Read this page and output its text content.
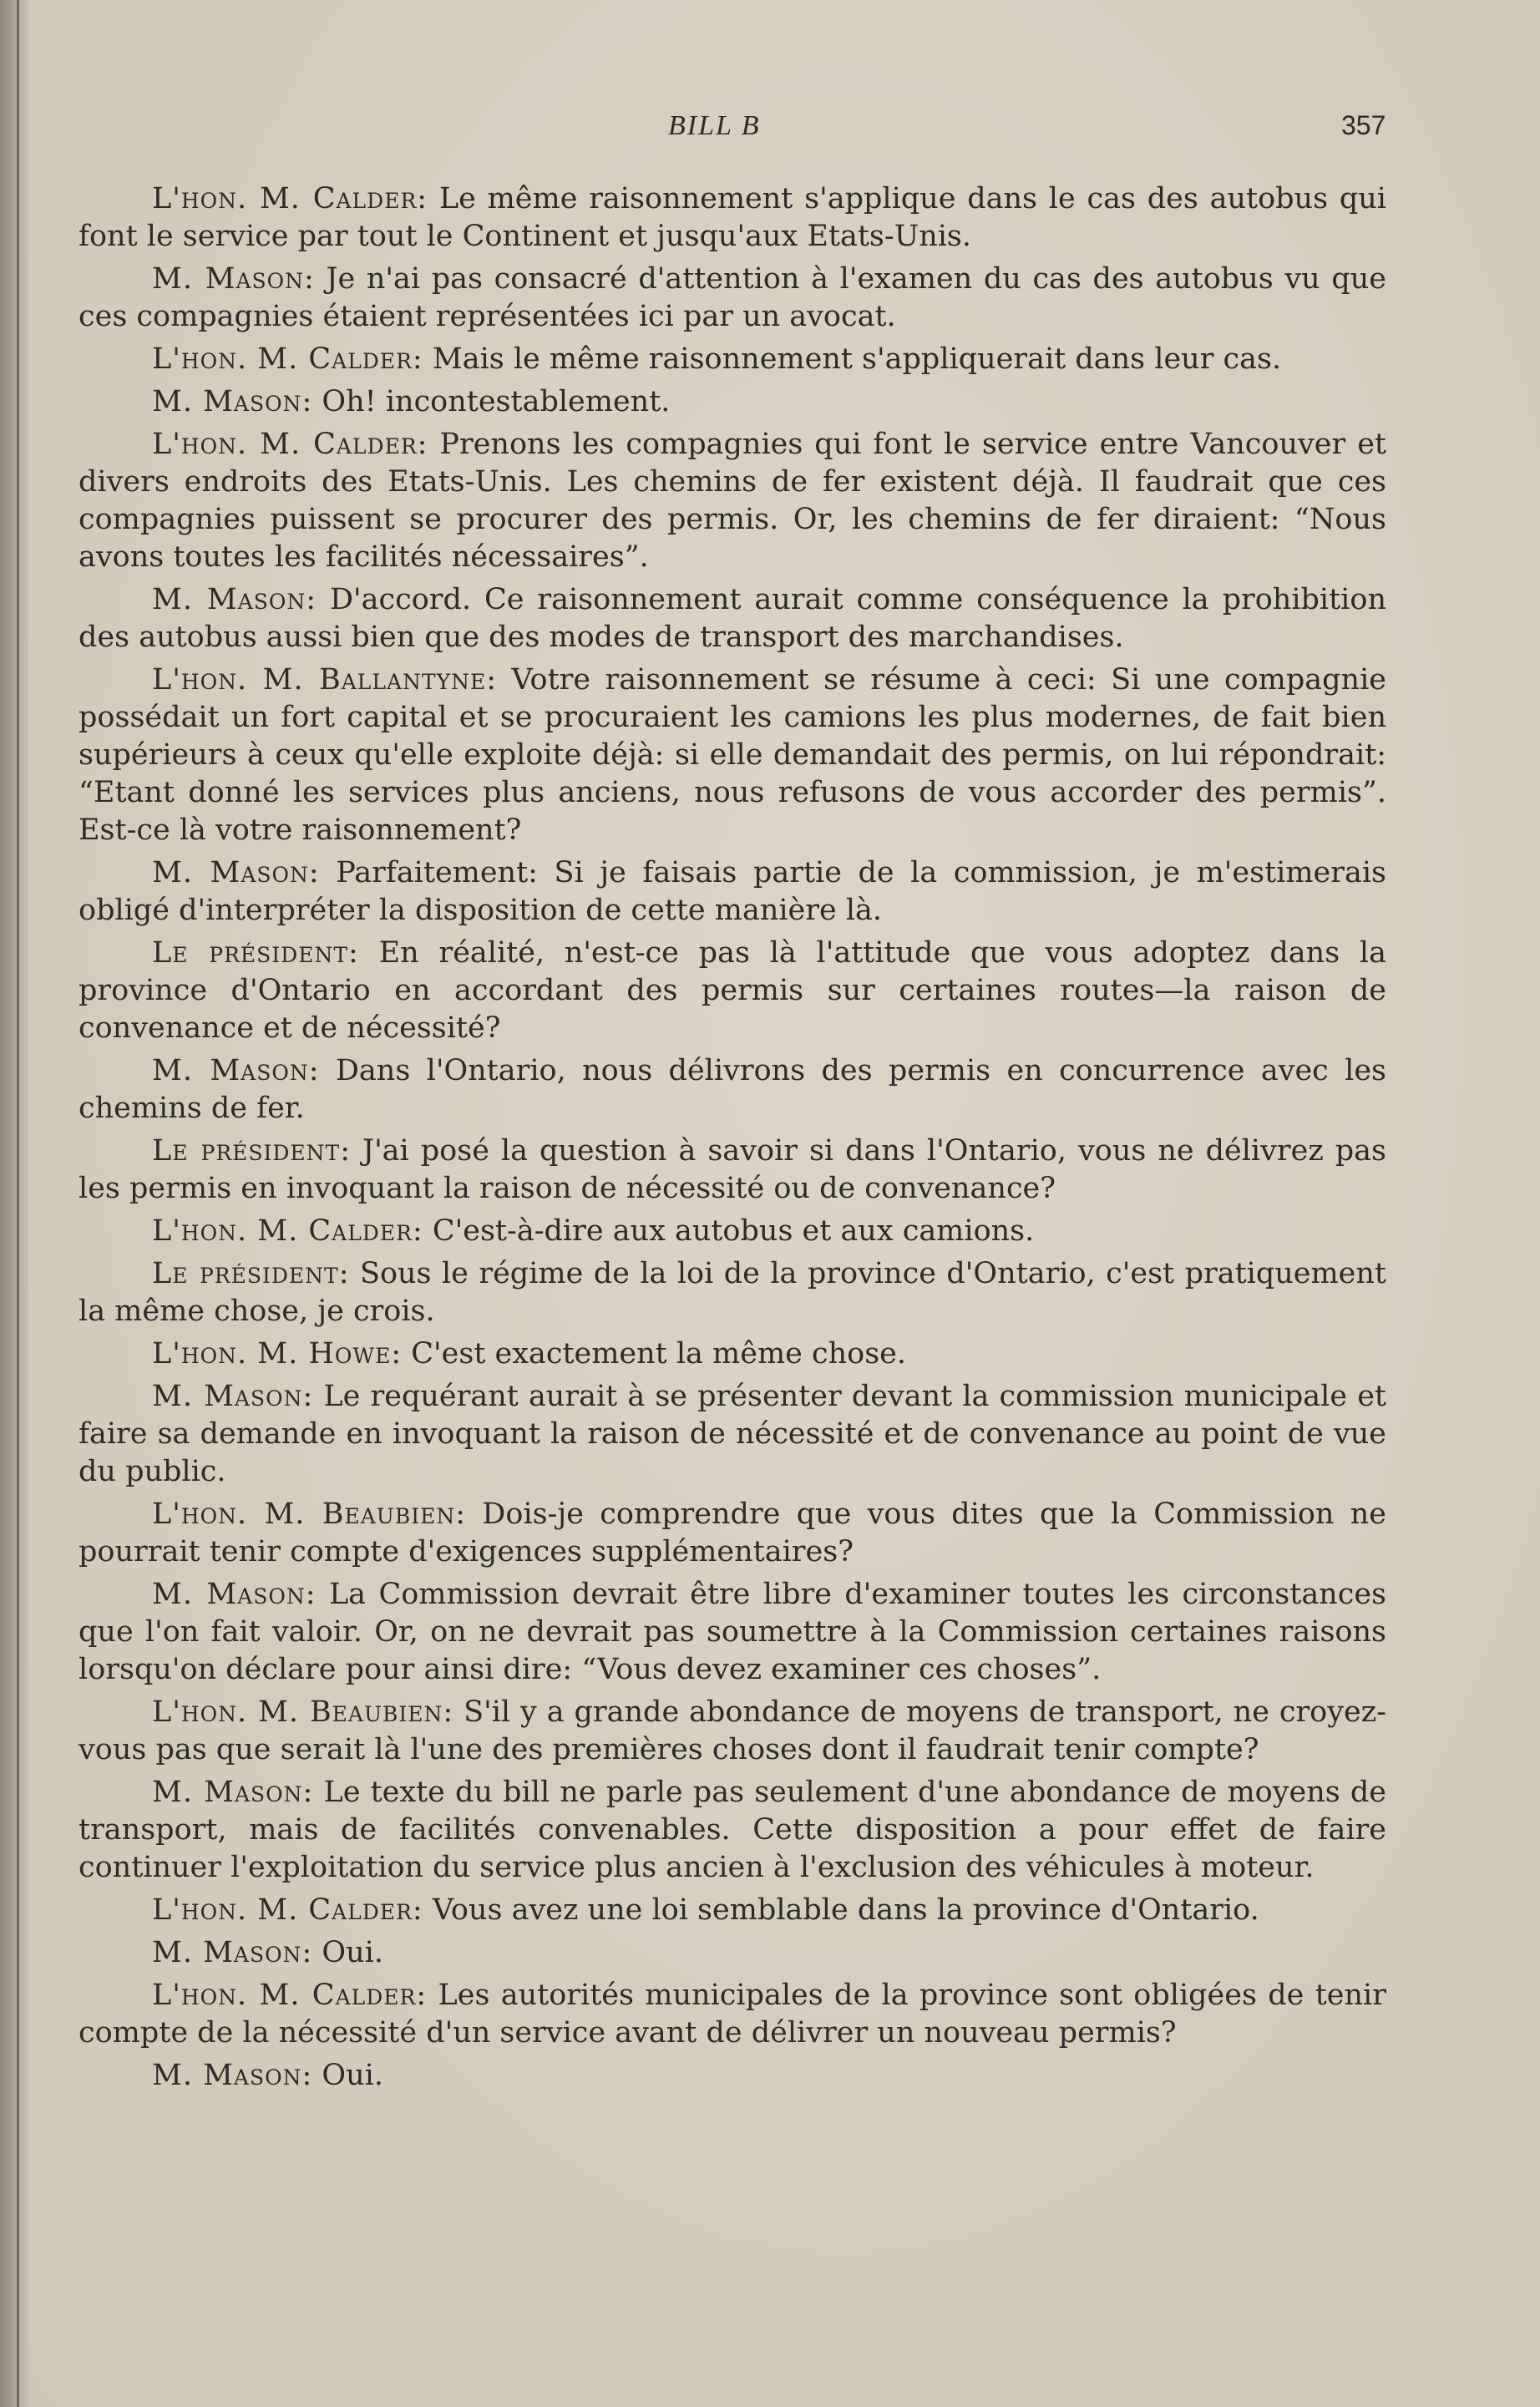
BILL B	357

L'hon. M. Calder: Le même raisonnement s'applique dans le cas des autobus qui font le service par tout le Continent et jusqu'aux Etats-Unis.

M. Mason: Je n'ai pas consacré d'attention à l'examen du cas des autobus vu que ces compagnies étaient représentées ici par un avocat.

L'hon. M. Calder: Mais le même raisonnement s'appliquerait dans leur cas.

M. Mason: Oh! incontestablement.

L'hon. M. Calder: Prenons les compagnies qui font le service entre Vancouver et divers endroits des Etats-Unis. Les chemins de fer existent déjà. Il faudrait que ces compagnies puissent se procurer des permis. Or, les chemins de fer diraient: “Nous avons toutes les facilités nécessaires”.

M. Mason: D'accord. Ce raisonnement aurait comme conséquence la prohibition des autobus aussi bien que des modes de transport des marchandises.

L'hon. M. Ballantyne: Votre raisonnement se résume à ceci: Si une compagnie possédait un fort capital et se procuraient les camions les plus modernes, de fait bien supérieurs à ceux qu'elle exploite déjà: si elle demandait des permis, on lui répondrait: “Etant donné les services plus anciens, nous refusons de vous accorder des permis”. Est-ce là votre raisonnement?

M. Mason: Parfaitement: Si je faisais partie de la commission, je m'estimerais obligé d'interpréter la disposition de cette manière là.

Le président: En réalité, n'est-ce pas là l'attitude que vous adoptez dans la province d'Ontario en accordant des permis sur certaines routes—la raison de convenance et de nécessité?

M. Mason: Dans l'Ontario, nous délivrons des permis en concurrence avec les chemins de fer.

Le président: J'ai posé la question à savoir si dans l'Ontario, vous ne délivrez pas les permis en invoquant la raison de nécessité ou de convenance?

L'hon. M. Calder: C'est-à-dire aux autobus et aux camions.

Le président: Sous le régime de la loi de la province d'Ontario, c'est pratiquement la même chose, je crois.

L'hon. M. Howe: C'est exactement la même chose.

M. Mason: Le requérant aurait à se présenter devant la commission municipale et faire sa demande en invoquant la raison de nécessité et de convenance au point de vue du public.

L'hon. M. Beaubien: Dois-je comprendre que vous dites que la Commission ne pourrait tenir compte d'exigences supplémentaires?

M. Mason: La Commission devrait être libre d'examiner toutes les circonstances que l'on fait valoir. Or, on ne devrait pas soumettre à la Commission certaines raisons lorsqu'on déclare pour ainsi dire: “Vous devez examiner ces choses”.

L'hon. M. Beaubien: S'il y a grande abondance de moyens de transport, ne croyez-vous pas que serait là l'une des premières choses dont il faudrait tenir compte?

M. Mason: Le texte du bill ne parle pas seulement d'une abondance de moyens de transport, mais de facilités convenables. Cette disposition a pour effet de faire continuer l'exploitation du service plus ancien à l'exclusion des véhicules à moteur.

L'hon. M. Calder: Vous avez une loi semblable dans la province d'Ontario.

M. Mason: Oui.

L'hon. M. Calder: Les autorités municipales de la province sont obligées de tenir compte de la nécessité d'un service avant de délivrer un nouveau permis?

M. Mason: Oui.
